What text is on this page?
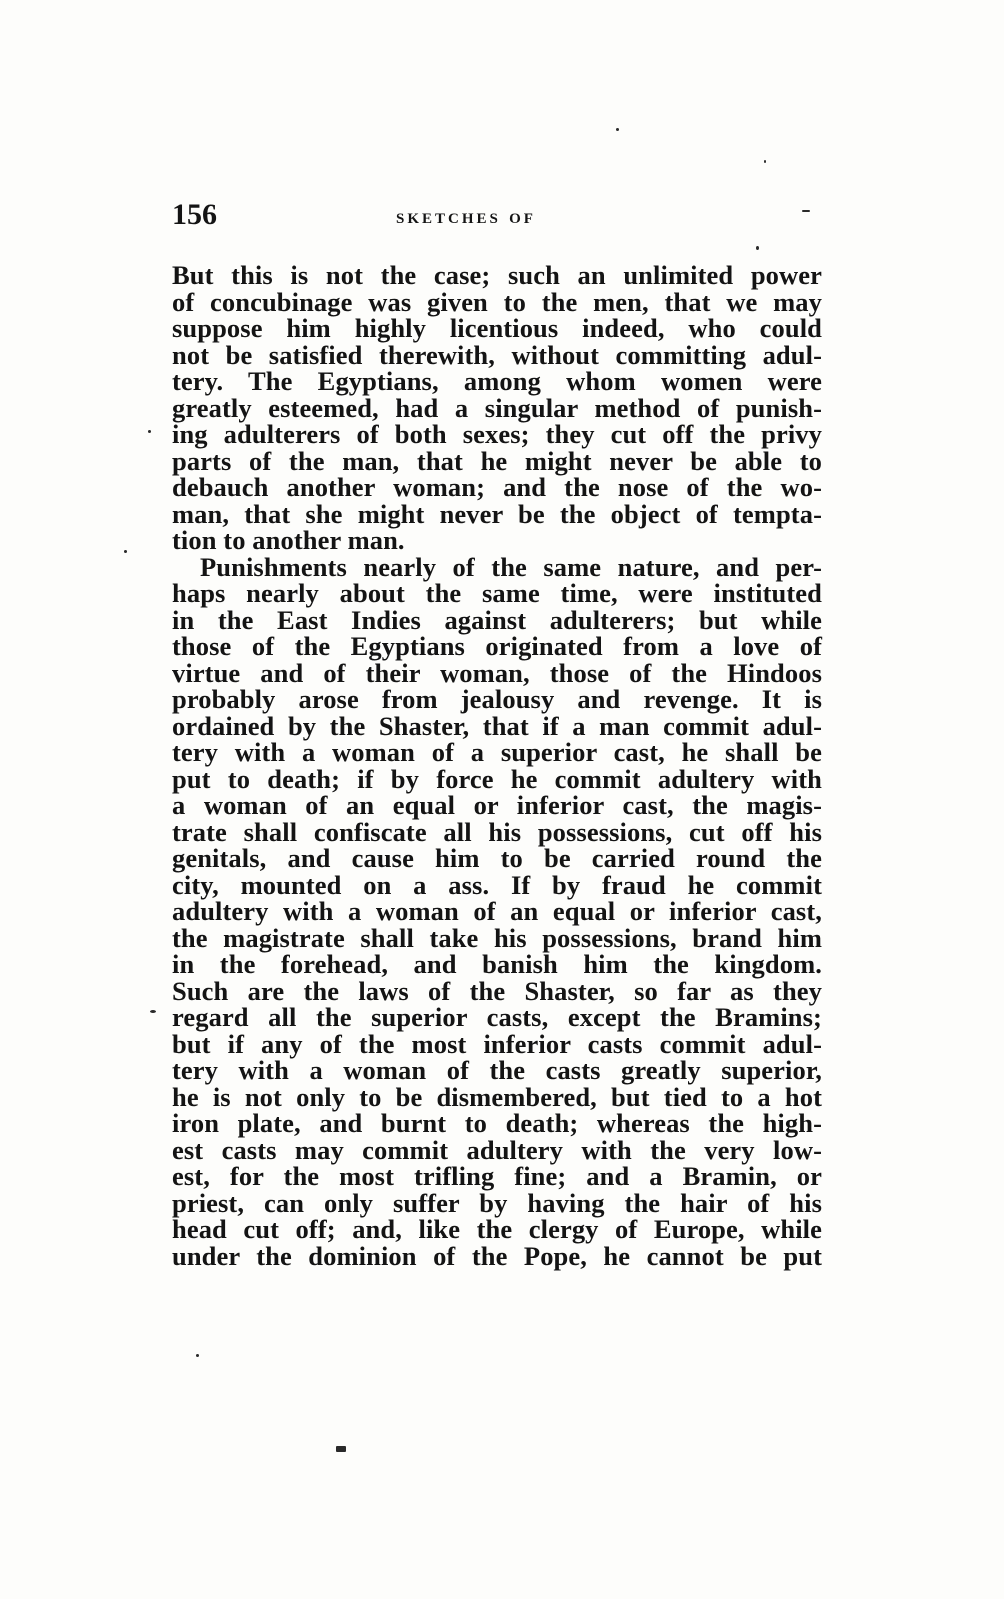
156	sketches of
But this is not the case; such an unlimited power
of concubinage was given to the men, that we may
suppose him highly licentious indeed, who could
not be satisfied therewith, without committing adul-
tery. The Egyptians, among whom women were
greatly esteemed, had a singular method of punish-
ing adulterers of both sexes; they cut off the privy
parts of the man, that he might never be able to
debauch another woman; and the nose of the wo-
man, that she might never be the object of tempta-
tion to another man.
Punishments nearly of the same nature, and per-
haps nearly about the same time, were instituted
in the East Indies against adulterers; but while
those of the Egyptians originated from a love of
virtue and of their woman, those of the Hindoos
probably arose from jealousy and revenge. It is
ordained by the Shaster, that if a man commit adul-
tery with a woman of a superior cast, he shall be
put to death; if by force he commit adultery with
a woman of an equal or inferior cast, the magis-
trate shall confiscate all his possessions, cut off his
genitals, and cause him to be carried round the
city, mounted on a ass. If by fraud he commit
adultery with a woman of an equal or inferior cast,
the magistrate shall take his possessions, brand him
in the forehead, and banish him the kingdom.
Such are the laws of the Shaster, so far as they
regard all the superior casts, except the Bramins;
but if any of the most inferior casts commit adul-
tery with a woman of the casts greatly superior,
he is not only to be dismembered, but tied to a hot
iron plate, and burnt to death; whereas the high-
est casts may commit adultery with the very low-
est, for the most trifling fine; and a Bramin, or
priest, can only suffer by having the hair of his
head cut off; and, like the clergy of Europe, while
under the dominion of the Pope, he cannot be put
